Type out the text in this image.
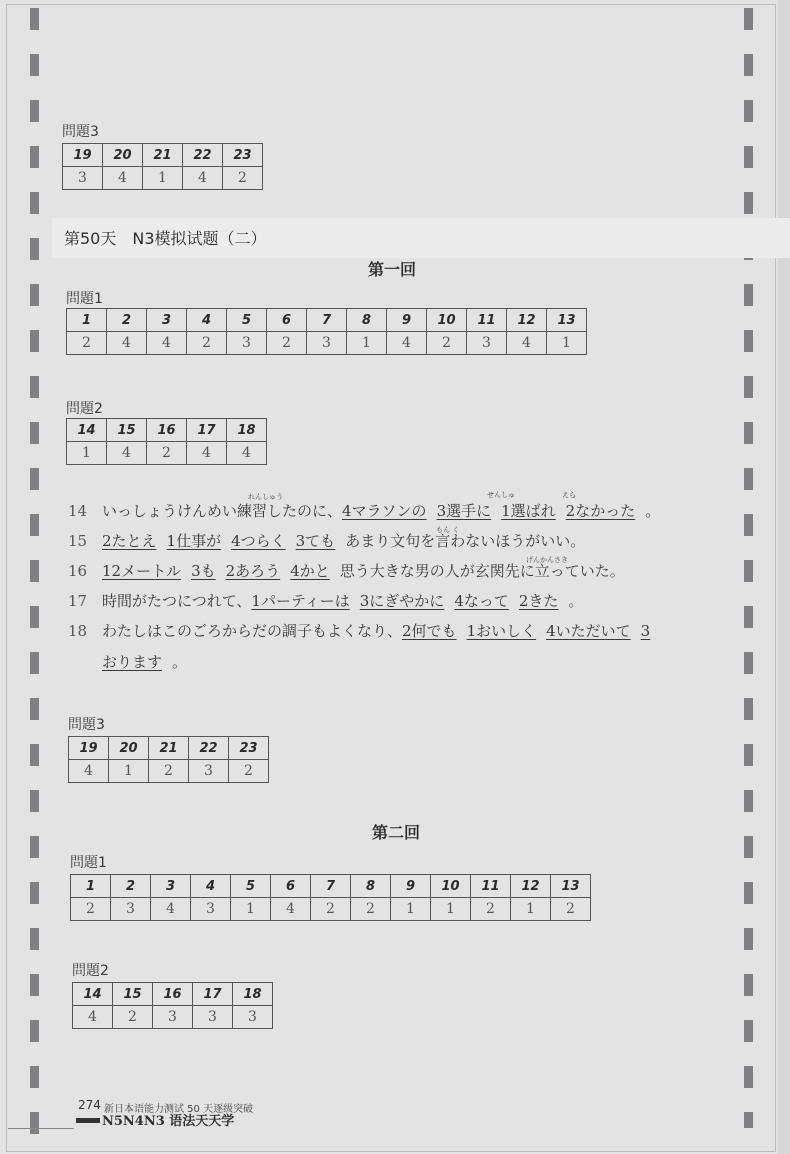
問題3
19	20	21	22	23
3	4	1	4	2
第50天　N3模拟试题（二）
第一回
問題1
1	2	3	4	5	6	7	8	9	10	11	12	13
2	4	4	2	3	2	3	1	4	2	3	4	1
問題2
14	15	16	17	18
1	4	2	4	4
れんしゅう	せんしゅ	えら
もん く
げんかんさき
14 いっしょうけんめい練習したのに、4マラソンの 3選手に 1選ばれ 2なかった 。
15 2たとえ 1仕事が 4つらく 3ても あまり文句を言わないほうがいい。
16 12メートル 3も 2あろう 4かと 思う大きな男の人が玄関先に立っていた。
17 時間がたつにつれて、1パーティーは 3にぎやかに 4なって 2きた 。
18 わたしはこのごろからだの調子もよくなり、2何でも 1おいしく 4いただいて 3
おります 。
問題3
19	20	21	22	23
4	1	2	3	2
第二回
問題1
1	2	3	4	5	6	7	8	9	10	11	12	13
2	3	4	3	1	4	2	2	1	1	2	1	2
問題2
14	15	16	17	18
4	2	3	3	3
274 新日本语能力测试 50 天逐级突破
N5N4N3 语法天天学
